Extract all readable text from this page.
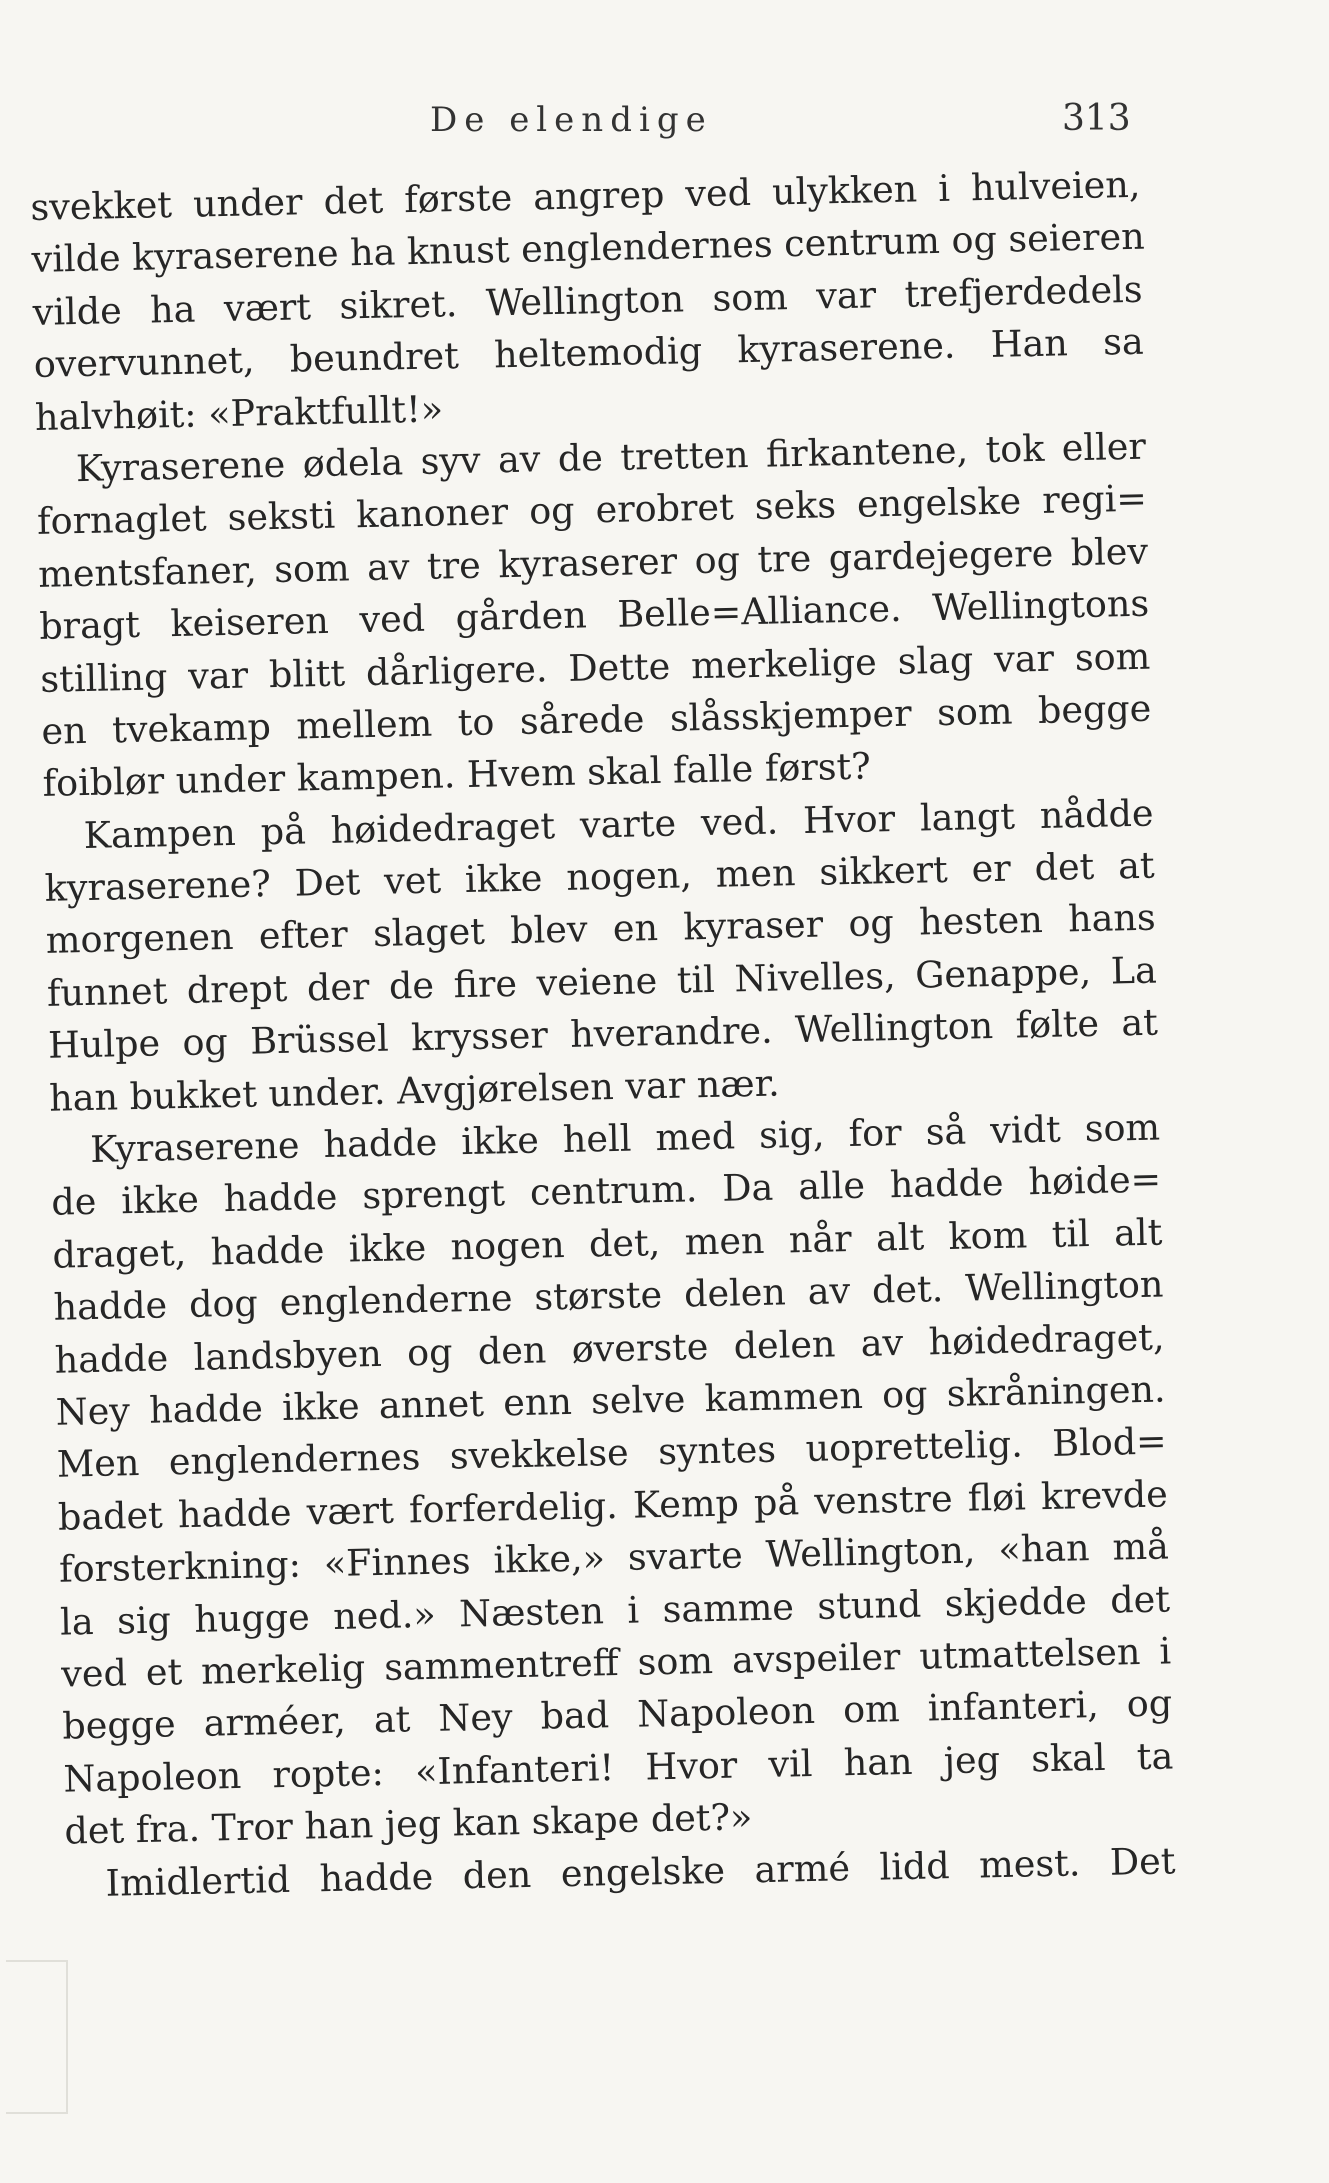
De elendige	313
svekket under det første angrep ved ulykken i hulveien,
vilde kyraserene ha knust englendernes centrum og seieren
vilde ha vært sikret. Wellington som var trefjerdedels
overvunnet, beundret heltemodig kyraserene. Han sa
halvhøit: «Praktfullt!»
Kyraserene ødela syv av de tretten firkantene, tok eller
fornaglet seksti kanoner og erobret seks engelske regi=
mentsfaner, som av tre kyraserer og tre gardejegere blev
bragt keiseren ved gården Belle=Alliance. Wellingtons
stilling var blitt dårligere. Dette merkelige slag var som
en tvekamp mellem to sårede slåsskjemper som begge
foiblør under kampen. Hvem skal falle først?
Kampen på høidedraget varte ved. Hvor langt nådde
kyraserene? Det vet ikke nogen, men sikkert er det at
morgenen efter slaget blev en kyraser og hesten hans
funnet drept der de fire veiene til Nivelles, Genappe, La
Hulpe og Brüssel krysser hverandre. Wellington følte at
han bukket under. Avgjørelsen var nær.
Kyraserene hadde ikke hell med sig, for så vidt som
de ikke hadde sprengt centrum. Da alle hadde høide=
draget, hadde ikke nogen det, men når alt kom til alt
hadde dog englenderne største delen av det. Wellington
hadde landsbyen og den øverste delen av høidedraget,
Ney hadde ikke annet enn selve kammen og skråningen.
Men englendernes svekkelse syntes uoprettelig. Blod=
badet hadde vært forferdelig. Kemp på venstre fløi krevde
forsterkning: «Finnes ikke,» svarte Wellington, «han må
la sig hugge ned.» Næsten i samme stund skjedde det
ved et merkelig sammentreff som avspeiler utmattelsen i
begge arméer, at Ney bad Napoleon om infanteri, og
Napoleon ropte: «Infanteri! Hvor vil han jeg skal ta
det fra. Tror han jeg kan skape det?»
Imidlertid hadde den engelske armé lidd mest. Det
